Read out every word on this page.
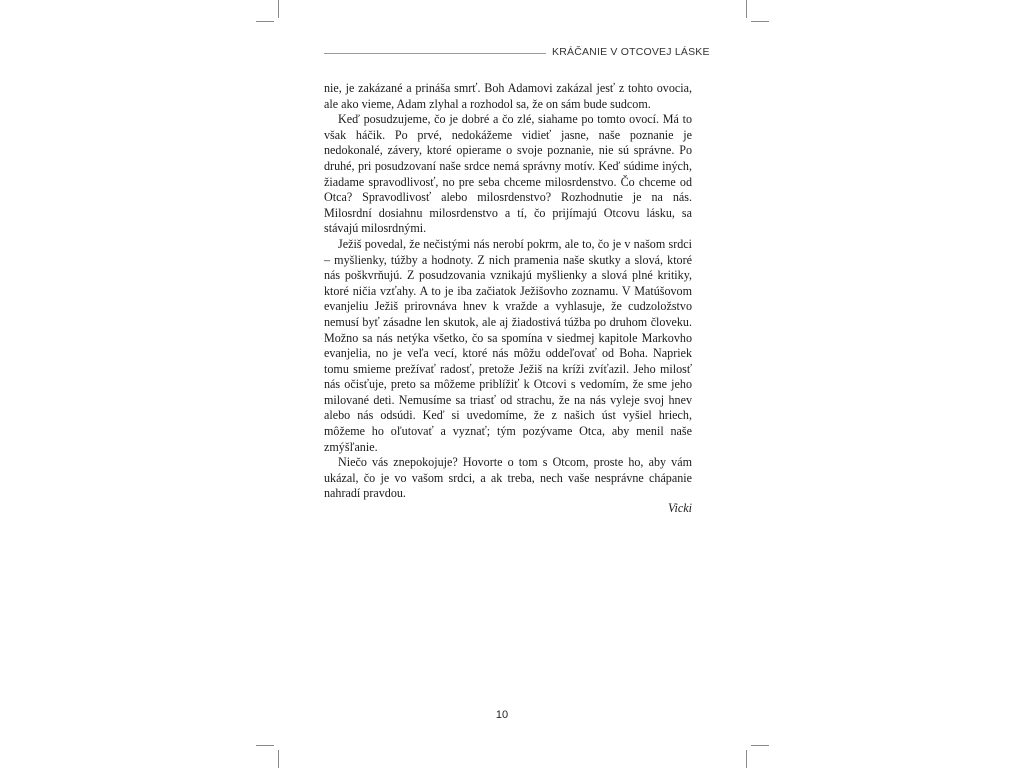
KRÁČANIE V OTCOVEJ LÁSKE

nie, je zakázané a prináša smrť. Boh Adamovi zakázal jesť z tohto ovocia, ale ako vieme, Adam zlyhal a rozhodol sa, že on sám bude sudcom.

Keď posudzujeme, čo je dobré a čo zlé, siahame po tomto ovocí. Má to však háčik. Po prvé, nedokážeme vidieť jasne, naše poznanie je nedokonalé, závery, ktoré opierame o svoje poznanie, nie sú správne. Po druhé, pri posudzovaní naše srdce nemá správny motív. Keď súdime iných, žiadame spravodlivosť, no pre seba chceme milosrdenstvo. Čo chceme od Otca? Spravodlivosť alebo milosrdenstvo? Rozhodnutie je na nás. Milosrdní dosiahnu milosrdenstvo a tí, čo prijímajú Otcovu lásku, sa stávajú milosrdnými.

Ježiš povedal, že nečistými nás nerobí pokrm, ale to, čo je v našom srdci – myšlienky, túžby a hodnoty. Z nich pramenia naše skutky a slová, ktoré nás poškvrňujú. Z posudzovania vznikajú myšlienky a slová plné kritiky, ktoré ničia vzťahy. A to je iba začiatok Ježišovho zoznamu. V Matúšovom evanjeliu Ježiš prirovnáva hnev k vražde a vyhlasuje, že cudzoložstvo nemusí byť zásadne len skutok, ale aj žiadostivá túžba po druhom človeku. Možno sa nás netýka všetko, čo sa spomína v siedmej kapitole Markovho evanjelia, no je veľa vecí, ktoré nás môžu oddeľovať od Boha. Napriek tomu smieme prežívať radosť, pretože Ježiš na kríži zvíťazil. Jeho milosť nás očisťuje, preto sa môžeme priblížiť k Otcovi s vedomím, že sme jeho milované deti. Nemusíme sa triasť od strachu, že na nás vyleje svoj hnev alebo nás odsúdi. Keď si uvedomíme, že z našich úst vyšiel hriech, môžeme ho oľutovať a vyznať; tým pozývame Otca, aby menil naše zmýšľanie.

Niečo vás znepokojuje? Hovorte o tom s Otcom, proste ho, aby vám ukázal, čo je vo vašom srdci, a ak treba, nech vaše nesprávne chápanie nahradí pravdou.

Vicki
10
